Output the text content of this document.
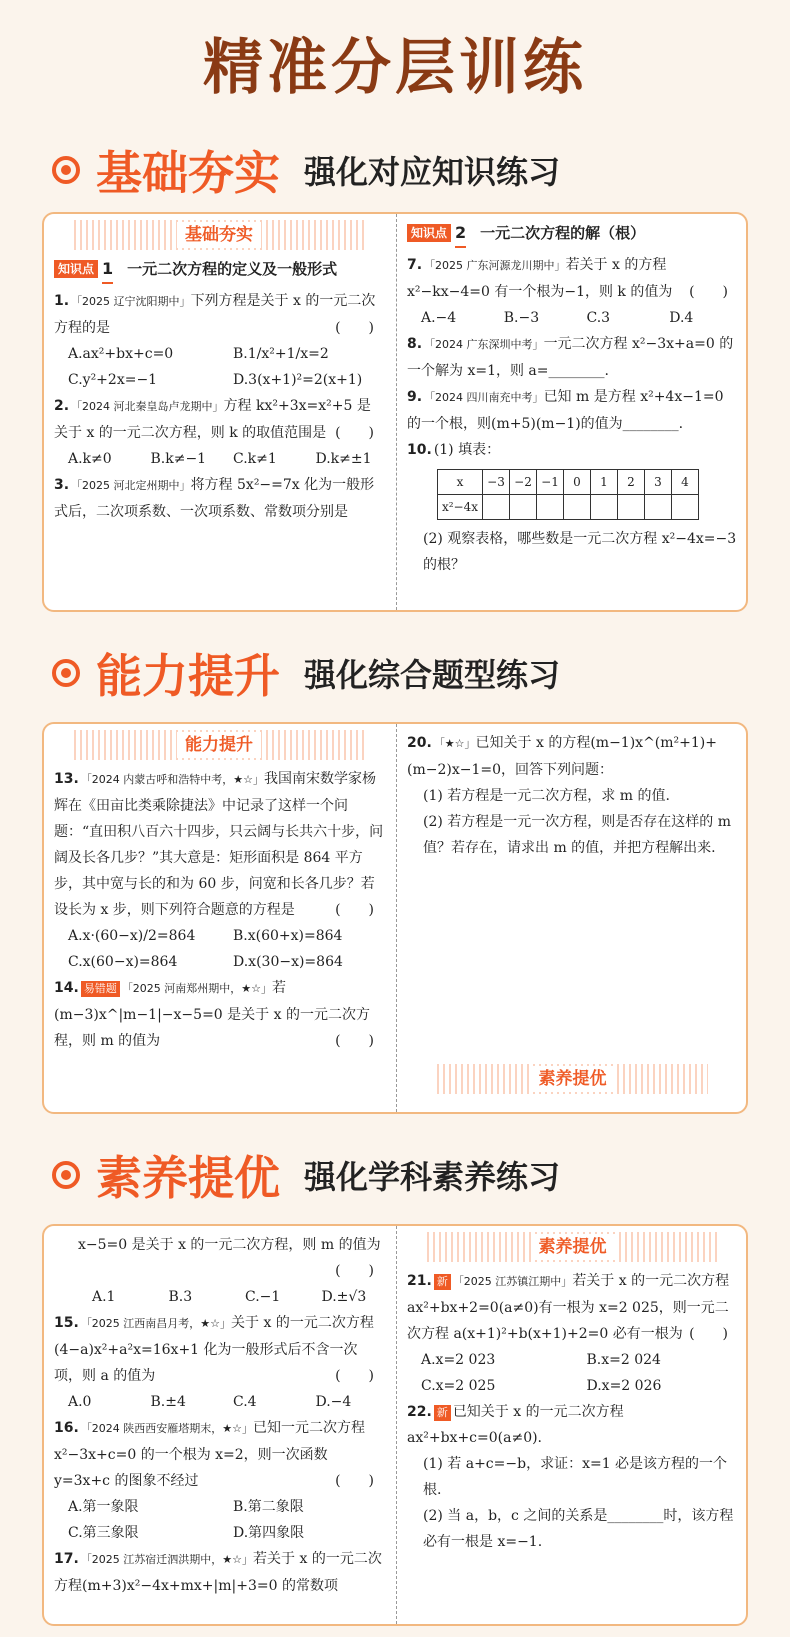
精准分层训练
基础夯实 强化对应知识练习
基础夯实
知识点 1 一元二次方程的定义及一般形式
1. 「2025 辽宁沈阳期中」下列方程是关于 x 的一元二次方程的是	(　　)
A.ax²+bx+c=0	B.1/x²+1/x=2
C.y²+2x=−1	D.3(x+1)²=2(x+1)
2. 「2024 河北秦皇岛卢龙期中」方程 kx²+3x=x²+5 是关于 x 的一元二次方程，则 k 的取值范围是 (　　)
A.k≠0	B.k≠−1	C.k≠1	D.k≠±1
3. 「2025 河北定州期中」将方程 5x²−=7x 化为一般形式后，二次项系数、一次项系数、常数项分别是
知识点 2 一元二次方程的解（根）
7. 「2025 广东河源龙川期中」若关于 x 的方程 x²−kx−4=0 有一个根为−1，则 k 的值为 (　　)
A.−4	B.−3	C.3	D.4
8. 「2024 广东深圳中考」一元二次方程 x²−3x+a=0 的一个解为 x=1，则 a=________.
9. 「2024 四川南充中考」已知 m 是方程 x²+4x−1=0 的一个根，则(m+5)(m−1)的值为________.
10. (1) 填表：
x	−3	−2	−1	0	1	2	3	4
x²−4x								
(2) 观察表格，哪些数是一元二次方程 x²−4x=−3 的根？
能力提升 强化综合题型练习
能力提升
13. 「2024 内蒙古呼和浩特中考，★☆」我国南宋数学家杨辉在《田亩比类乘除捷法》中记录了这样一个问题：“直田积八百六十四步，只云阔与长共六十步，问阔及长各几步？”其大意是：矩形面积是 864 平方步，其中宽与长的和为 60 步，问宽和长各几步？若设长为 x 步，则下列符合题意的方程是	(　　)
A.x·(60−x)/2=864	B.x(60+x)=864
C.x(60−x)=864	D.x(30−x)=864
14. 易错题 「2025 河南郑州期中，★☆」若(m−3)x^|m−1|−x−5=0 是关于 x 的一元二次方程，则 m 的值为	(　　)
20. 「★☆」已知关于 x 的方程(m−1)x^(m²+1)+(m−2)x−1=0，回答下列问题：
(1) 若方程是一元二次方程，求 m 的值.
(2) 若方程是一元一次方程，则是否存在这样的 m 值？若存在，请求出 m 的值，并把方程解出来.
素养提优
素养提优 强化学科素养练习
x−5=0 是关于 x 的一元二次方程，则 m 的值为
(　　)
A.1	B.3	C.−1	D.±√3
15. 「2025 江西南昌月考，★☆」关于 x 的一元二次方程(4−a)x²+a²x=16x+1 化为一般形式后不含一次项，则 a 的值为	(　　)
A.0	B.±4	C.4	D.−4
16. 「2024 陕西西安雁塔期末，★☆」已知一元二次方程 x²−3x+c=0 的一个根为 x=2，则一次函数 y=3x+c 的图象不经过	(　　)
A.第一象限	B.第二象限
C.第三象限	D.第四象限
17. 「2025 江苏宿迁泗洪期中，★☆」若关于 x 的一元二次方程(m+3)x²−4x+mx+|m|+3=0 的常数项
素养提优
21. 新 「2025 江苏镇江期中」若关于 x 的一元二次方程 ax²+bx+2=0(a≠0)有一根为 x=2 025，则一元二次方程 a(x+1)²+b(x+1)+2=0 必有一根为 (　　)
A.x=2 023	B.x=2 024
C.x=2 025	D.x=2 026
22. 新 已知关于 x 的一元二次方程 ax²+bx+c=0(a≠0).
(1) 若 a+c=−b，求证：x=1 必是该方程的一个根.
(2) 当 a，b，c 之间的关系是________时，该方程必有一根是 x=−1.
